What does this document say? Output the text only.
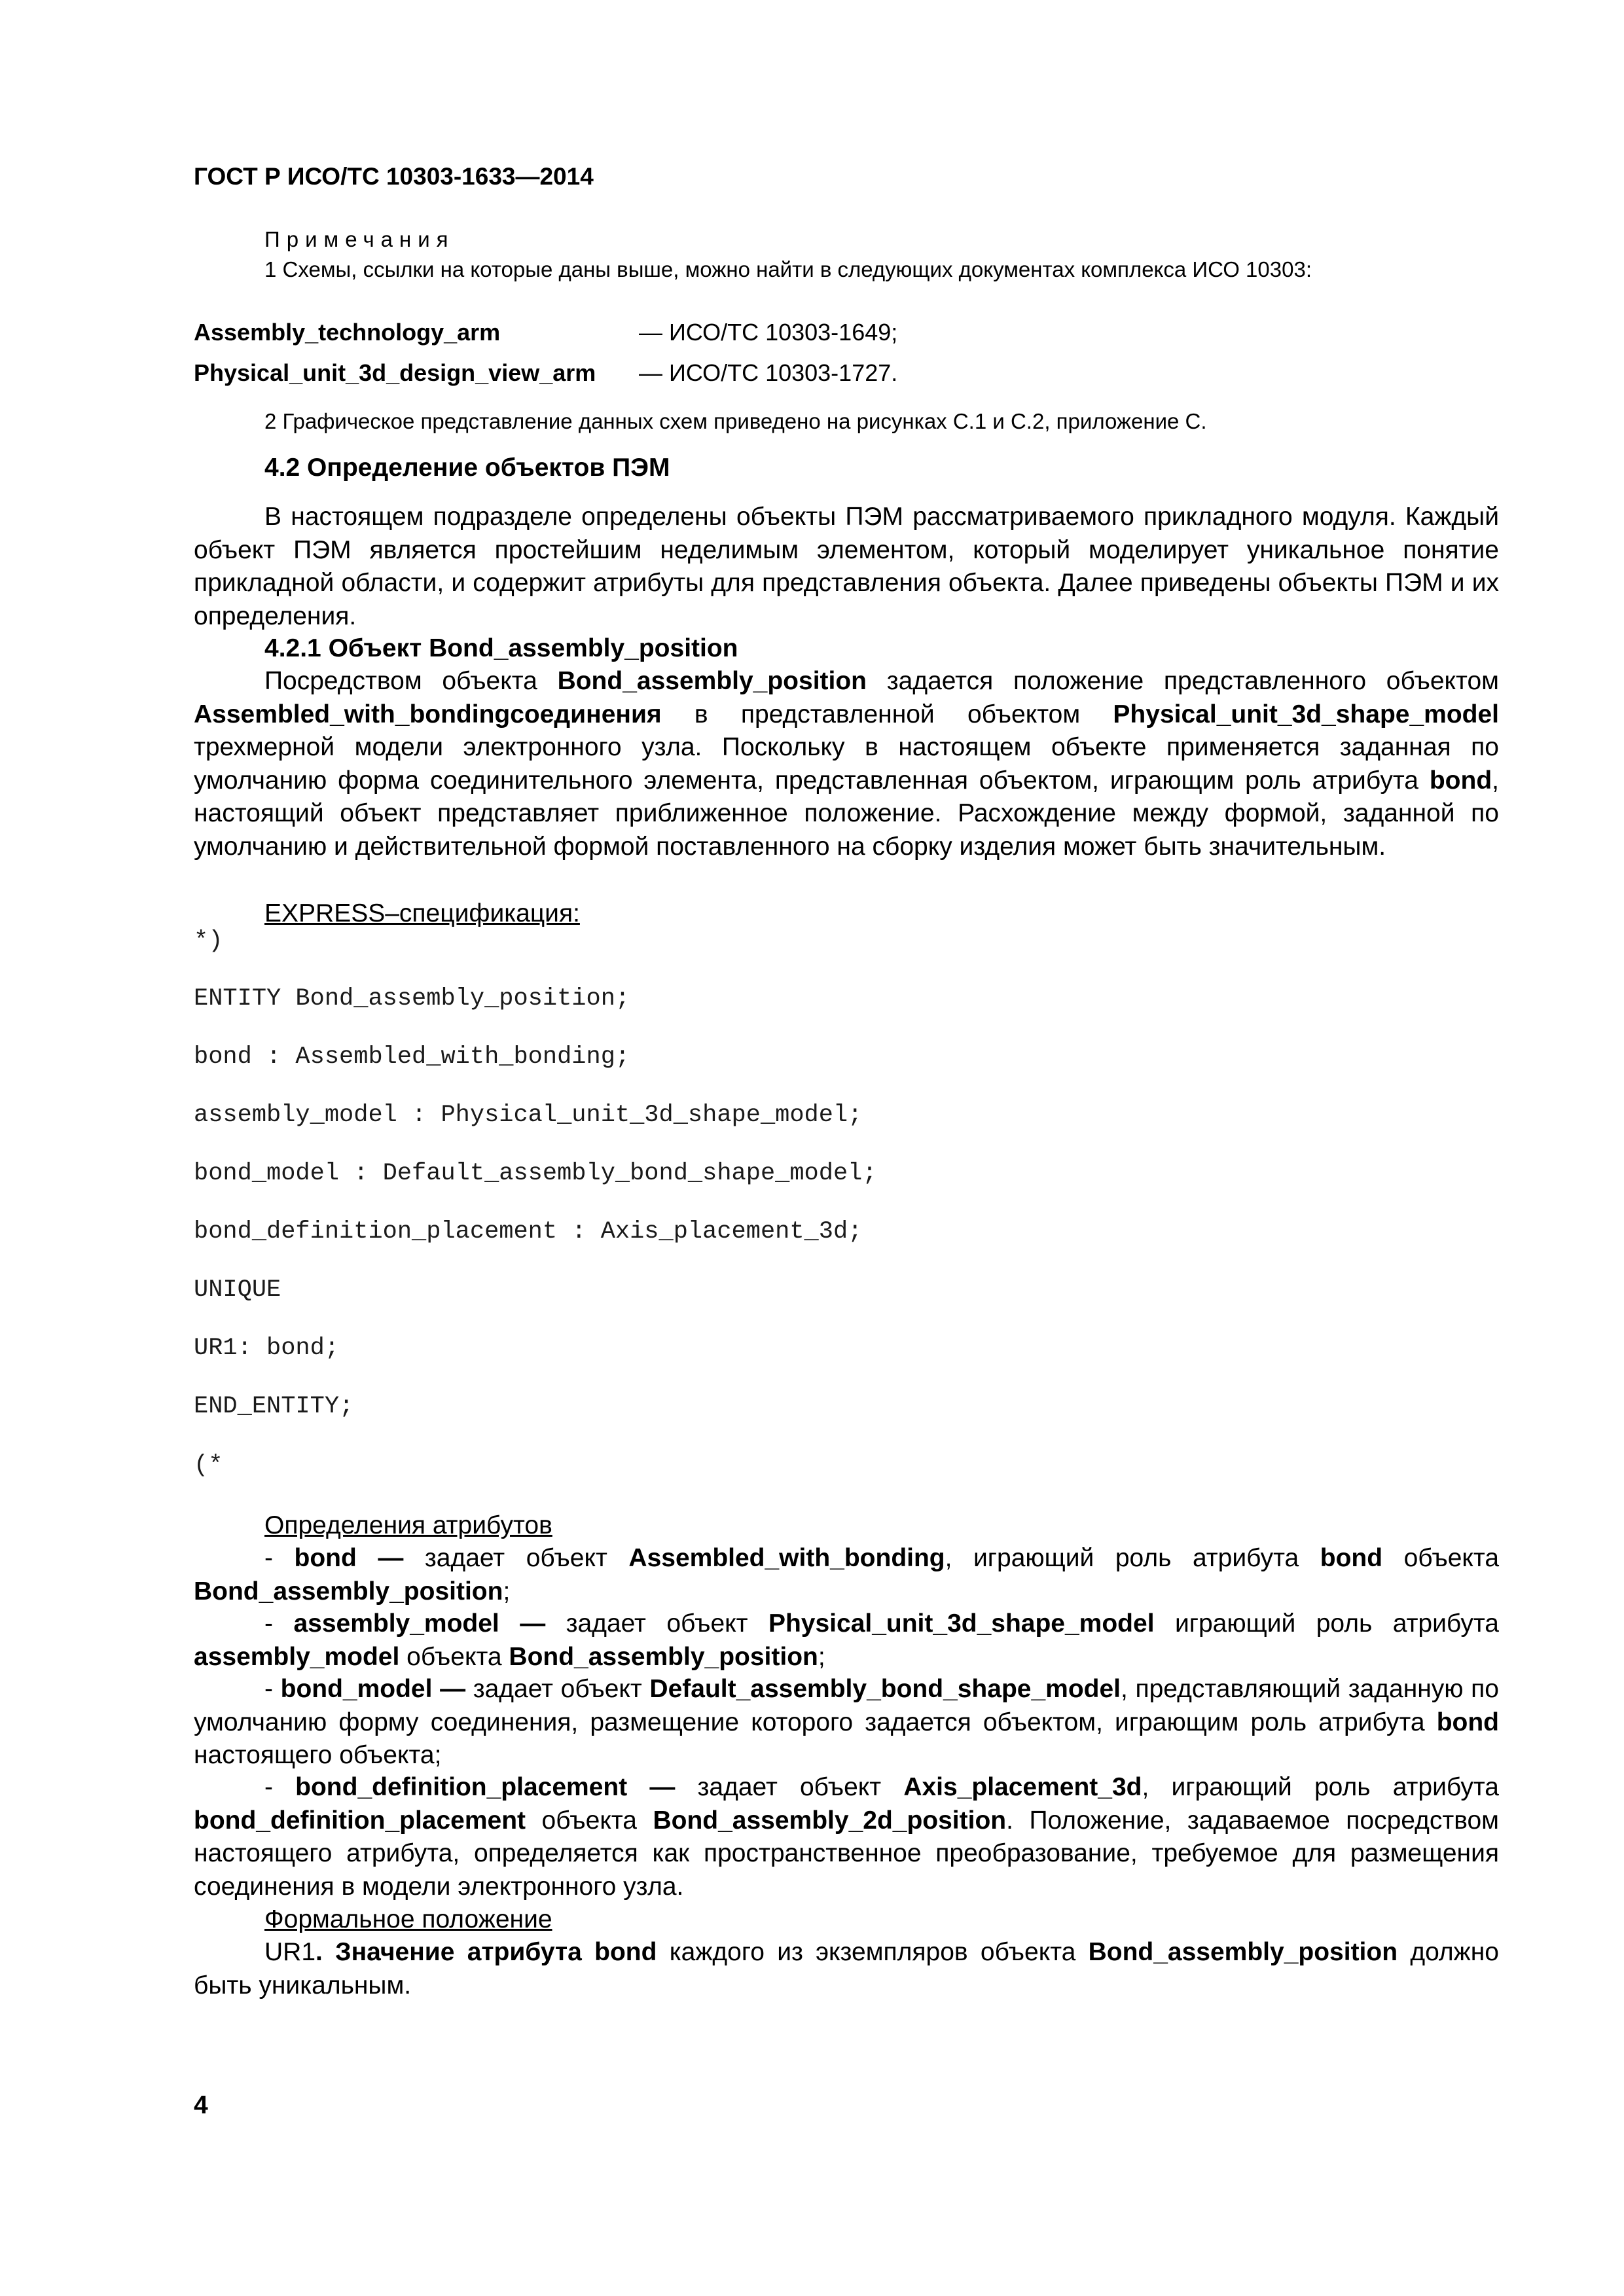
ГОСТ Р ИСО/ТС 10303-1633—2014
Примечания
1 Схемы, ссылки на которые даны выше, можно найти в следующих документах комплекса ИСО 10303:
Assembly_technology_arm	— ИСО/ТС 10303-1649;
Physical_unit_3d_design_view_arm — ИСО/ТС 10303-1727.
2 Графическое представление данных схем приведено на рисунках С.1 и С.2, приложение С.
4.2 Определение объектов ПЭМ

В настоящем подразделе определены объекты ПЭМ рассматриваемого прикладного модуля. Каждый объект ПЭМ является простейшим неделимым элементом, который моделирует уникальное понятие прикладной области, и содержит атрибуты для представления объекта. Далее приведены объекты ПЭМ и их определения.

4.2.1 Объект Bond_assembly_position

Посредством объекта Bond_assembly_position задается положение представленного объектом Assembled_with_bondingсоединения в представленной объектом Physical_unit_3d_shape_model трехмерной модели электронного узла. Поскольку в настоящем объекте применяется заданная по умолчанию форма соединительного элемента, представленная объектом, играющим роль атрибута bond, настоящий объект представляет приближенное положение. Расхождение между формой, заданной по умолчанию и действительной формой поставленного на сборку изделия может быть значительным.

EXPRESS–спецификация:
*)
ENTITY Bond_assembly_position;
bond : Assembled_with_bonding;
assembly_model : Physical_unit_3d_shape_model;
bond_model : Default_assembly_bond_shape_model;
bond_definition_placement : Axis_placement_3d;
UNIQUE
UR1: bond;
END_ENTITY;
(*
Определения атрибутов

- bond — задает объект Assembled_with_bonding, играющий роль атрибута bond объекта Bond_assembly_position;

- assembly_model — задает объект Physical_unit_3d_shape_model играющий роль атрибута assembly_model объекта Bond_assembly_position;

- bond_model — задает объект Default_assembly_bond_shape_model, представляющий заданную по умолчанию форму соединения, размещение которого задается объектом, играющим роль атрибута bond настоящего объекта;

- bond_definition_placement — задает объект Axis_placement_3d, играющий роль атрибута bond_definition_placement объекта Bond_assembly_2d_position. Положение, задаваемое посредством настоящего атрибута, определяется как пространственное преобразование, требуемое для размещения соединения в модели электронного узла.

Формальное положение

UR1. Значение атрибута bond каждого из экземпляров объекта Bond_assembly_position должно быть уникальным.

4
